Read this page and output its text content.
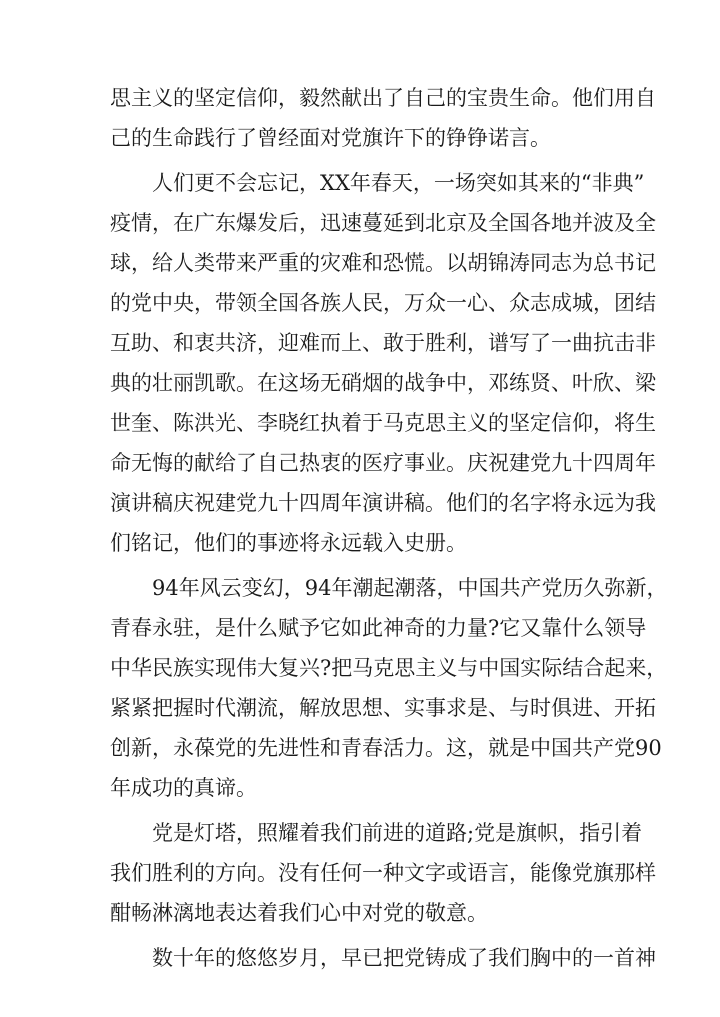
思主义的坚定信仰，毅然献出了自己的宝贵生命。他们用自
己的生命践行了曾经面对党旗许下的铮铮诺言。
人们更不会忘记，XX年春天，一场突如其来的“非典”
疫情，在广东爆发后，迅速蔓延到北京及全国各地并波及全
球，给人类带来严重的灾难和恐慌。以胡锦涛同志为总书记
的党中央，带领全国各族人民，万众一心、众志成城，团结
互助、和衷共济，迎难而上、敢于胜利，谱写了一曲抗击非
典的壮丽凯歌。在这场无硝烟的战争中，邓练贤、叶欣、梁
世奎、陈洪光、李晓红执着于马克思主义的坚定信仰，将生
命无悔的献给了自己热衷的医疗事业。庆祝建党九十四周年
演讲稿庆祝建党九十四周年演讲稿。他们的名字将永远为我
们铭记，他们的事迹将永远载入史册。
94年风云变幻，94年潮起潮落，中国共产党历久弥新，
青春永驻，是什么赋予它如此神奇的力量?它又靠什么领导
中华民族实现伟大复兴?把马克思主义与中国实际结合起来，
紧紧把握时代潮流，解放思想、实事求是、与时俱进、开拓
创新，永葆党的先进性和青春活力。这，就是中国共产党90
年成功的真谛。
党是灯塔，照耀着我们前进的道路;党是旗帜，指引着
我们胜利的方向。没有任何一种文字或语言，能像党旗那样
酣畅淋漓地表达着我们心中对党的敬意。
数十年的悠悠岁月，早已把党铸成了我们胸中的一首神
